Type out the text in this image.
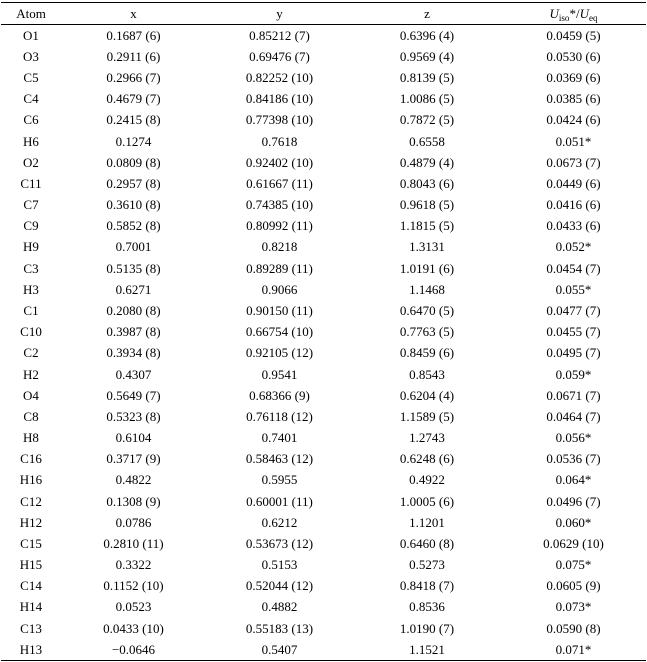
Atom	x	y	z	$U_{iso}*/U_{eq}$
O1	0.1687 (6)	0.85212 (7)	0.6396 (4)	0.0459 (5)
O3	0.2911 (6)	0.69476 (7)	0.9569 (4)	0.0530 (6)
C5	0.2966 (7)	0.82252 (10)	0.8139 (5)	0.0369 (6)
C4	0.4679 (7)	0.84186 (10)	1.0086 (5)	0.0385 (6)
C6	0.2415 (8)	0.77398 (10)	0.7872 (5)	0.0424 (6)
H6	0.1274	0.7618	0.6558	0.051*
O2	0.0809 (8)	0.92402 (10)	0.4879 (4)	0.0673 (7)
C11	0.2957 (8)	0.61667 (11)	0.8043 (6)	0.0449 (6)
C7	0.3610 (8)	0.74385 (10)	0.9618 (5)	0.0416 (6)
C9	0.5852 (8)	0.80992 (11)	1.1815 (5)	0.0433 (6)
H9	0.7001	0.8218	1.3131	0.052*
C3	0.5135 (8)	0.89289 (11)	1.0191 (6)	0.0454 (7)
H3	0.6271	0.9066	1.1468	0.055*
C1	0.2080 (8)	0.90150 (11)	0.6470 (5)	0.0477 (7)
C10	0.3987 (8)	0.66754 (10)	0.7763 (5)	0.0455 (7)
C2	0.3934 (8)	0.92105 (12)	0.8459 (6)	0.0495 (7)
H2	0.4307	0.9541	0.8543	0.059*
O4	0.5649 (7)	0.68366 (9)	0.6204 (4)	0.0671 (7)
C8	0.5323 (8)	0.76118 (12)	1.1589 (5)	0.0464 (7)
H8	0.6104	0.7401	1.2743	0.056*
C16	0.3717 (9)	0.58463 (12)	0.6248 (6)	0.0536 (7)
H16	0.4822	0.5955	0.4922	0.064*
C12	0.1308 (9)	0.60001 (11)	1.0005 (6)	0.0496 (7)
H12	0.0786	0.6212	1.1201	0.060*
C15	0.2810 (11)	0.53673 (12)	0.6460 (8)	0.0629 (10)
H15	0.3322	0.5153	0.5273	0.075*
C14	0.1152 (10)	0.52044 (12)	0.8418 (7)	0.0605 (9)
H14	0.0523	0.4882	0.8536	0.073*
C13	0.0433 (10)	0.55183 (13)	1.0190 (7)	0.0590 (8)
H13	−0.0646	0.5407	1.1521	0.071*
